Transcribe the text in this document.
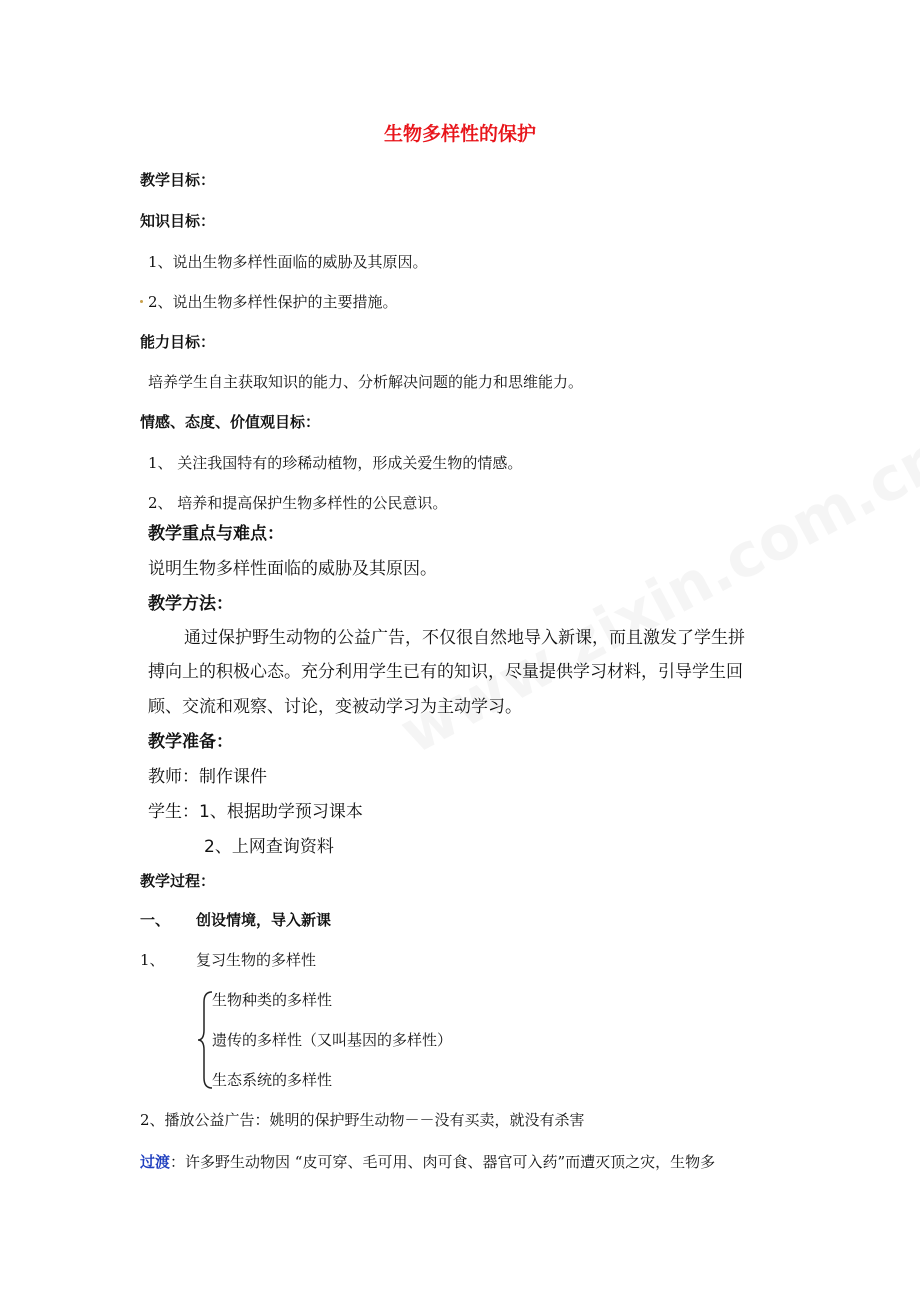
生物多样性的保护
教学目标：
知识目标：
1、说出生物多样性面临的威胁及其原因。
2、说出生物多样性保护的主要措施。
能力目标：
培养学生自主获取知识的能力、分析解决问题的能力和思维能力。
情感、态度、价值观目标：
1、 关注我国特有的珍稀动植物，形成关爱生物的情感。
2、 培养和提高保护生物多样性的公民意识。
教学重点与难点：
说明生物多样性面临的威胁及其原因。
教学方法：
通过保护野生动物的公益广告，不仅很自然地导入新课，而且激发了学生拼
搏向上的积极心态。充分利用学生已有的知识，尽量提供学习材料，引导学生回
顾、交流和观察、讨论，变被动学习为主动学习。
教学准备：
教师：制作课件
学生：1、根据助学预习课本
2、上网查询资料
教学过程：
一、 创设情境，导入新课
1、 复习生物的多样性
生物种类的多样性
遗传的多样性（又叫基因的多样性）
生态系统的多样性
2、播放公益广告：姚明的保护野生动物－－没有买卖，就没有杀害
过渡：许多野生动物因 “皮可穿、毛可用、肉可食、器官可入药”而遭灭顶之灾，生物多
